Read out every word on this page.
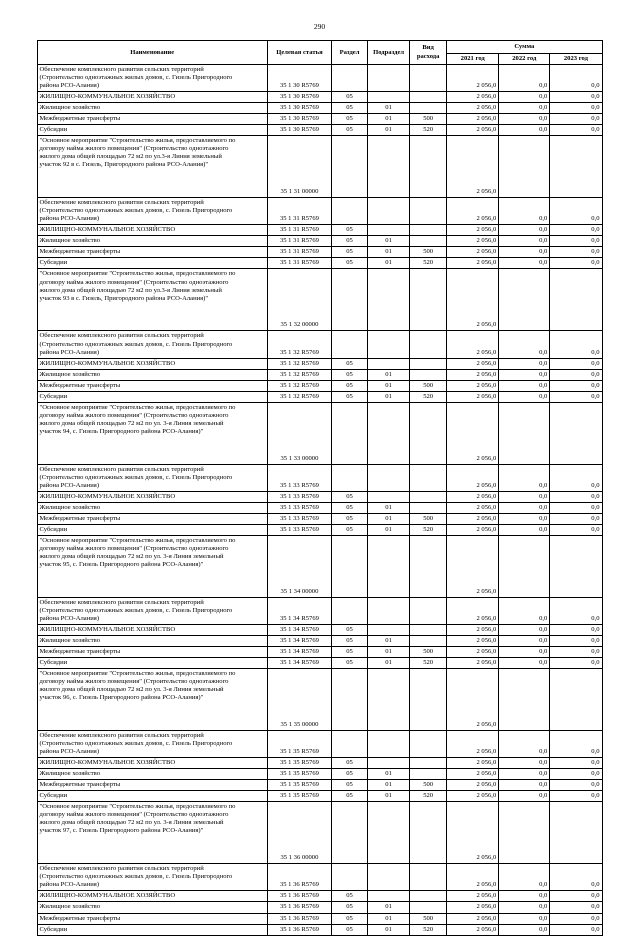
290
Наименование	Целевая статья	Раздел	Подраздел	Вид расхода	Сумма		
					2021 год	2022 год	2023 год
Обеспечение комплексного развития сельских территорий (Строительство одноэтажных жилых домов, с. Гизель Пригородного района РСО-Алания)	35 1 30 R5769				2 056,0	0,0	0,0
ЖИЛИЩНО-КОММУНАЛЬНОЕ ХОЗЯЙСТВО	35 1 30 R5769	05			2 056,0	0,0	0,0
Жилищное хозяйство	35 1 30 R5769	05	01		2 056,0	0,0	0,0
Межбюджетные трансферты	35 1 30 R5769	05	01	500	2 056,0	0,0	0,0
Субсидии	35 1 30 R5769	05	01	520	2 056,0	0,0	0,0
"Основное мероприятие "Строительство жилья, предоставляемого по договору найма жилого помещения" (Строительство одноэтажного жилого дома общей площадью 72 м2 по ул.3-я Линия земельный участок 92 в с. Гизель, Пригородного района РСО-Алания)"	35 1 31 00000				2 056,0		
Обеспечение комплексного развития сельских территорий (Строительство одноэтажных жилых домов, с. Гизель Пригородного района РСО-Алания)	35 1 31 R5769				2 056,0	0,0	0,0
ЖИЛИЩНО-КОММУНАЛЬНОЕ ХОЗЯЙСТВО	35 1 31 R5769	05			2 056,0	0,0	0,0
Жилищное хозяйство	35 1 31 R5769	05	01		2 056,0	0,0	0,0
Межбюджетные трансферты	35 1 31 R5769	05	01	500	2 056,0	0,0	0,0
Субсидии	35 1 31 R5769	05	01	520	2 056,0	0,0	0,0
"Основное мероприятие "Строительство жилья, предоставляемого по договору найма жилого помещения" (Строительство одноэтажного жилого дома общей площадью 72 м2 по ул.3-я Линия земельный участок 93 в с. Гизель, Пригородного района РСО-Алания)"	35 1 32 00000				2 056,0		
Обеспечение комплексного развития сельских территорий (Строительство одноэтажных жилых домов, с. Гизель Пригородного района РСО-Алания)	35 1 32 R5769				2 056,0	0,0	0,0
ЖИЛИЩНО-КОММУНАЛЬНОЕ ХОЗЯЙСТВО	35 1 32 R5769	05			2 056,0	0,0	0,0
Жилищное хозяйство	35 1 32 R5769	05	01		2 056,0	0,0	0,0
Межбюджетные трансферты	35 1 32 R5769	05	01	500	2 056,0	0,0	0,0
Субсидии	35 1 32 R5769	05	01	520	2 056,0	0,0	0,0
"Основное мероприятие "Строительство жилья, предоставляемого по договору найма жилого помещения" (Строительство одноэтажного жилого дома общей площадью 72 м2 по ул. 3-я Линия земельный участок 94, с. Гизель Пригородного района РСО-Алания)"	35 1 33 00000				2 056,0		
Обеспечение комплексного развития сельских территорий (Строительство одноэтажных жилых домов, с. Гизель Пригородного района РСО-Алания)	35 1 33 R5769				2 056,0	0,0	0,0
ЖИЛИЩНО-КОММУНАЛЬНОЕ ХОЗЯЙСТВО	35 1 33 R5769	05			2 056,0	0,0	0,0
Жилищное хозяйство	35 1 33 R5769	05	01		2 056,0	0,0	0,0
Межбюджетные трансферты	35 1 33 R5769	05	01	500	2 056,0	0,0	0,0
Субсидии	35 1 33 R5769	05	01	520	2 056,0	0,0	0,0
"Основное мероприятие "Строительство жилья, предоставляемого по договору найма жилого помещения" (Строительство одноэтажного жилого дома общей площадью 72 м2 по ул. 3-я Линия земельный участок 95, с. Гизель Пригородного района РСО-Алания)"	35 1 34 00000				2 056,0		
Обеспечение комплексного развития сельских территорий (Строительство одноэтажных жилых домов, с. Гизель Пригородного района РСО-Алания)	35 1 34 R5769				2 056,0	0,0	0,0
ЖИЛИЩНО-КОММУНАЛЬНОЕ ХОЗЯЙСТВО	35 1 34 R5769	05			2 056,0	0,0	0,0
Жилищное хозяйство	35 1 34 R5769	05	01		2 056,0	0,0	0,0
Межбюджетные трансферты	35 1 34 R5769	05	01	500	2 056,0	0,0	0,0
Субсидии	35 1 34 R5769	05	01	520	2 056,0	0,0	0,0
"Основное мероприятие "Строительство жилья, предоставляемого по договору найма жилого помещения" (Строительство одноэтажного жилого дома общей площадью 72 м2 по ул. 3-я Линия земельный участок 96, с. Гизель Пригородного района РСО-Алания)"	35 1 35 00000				2 056,0		
Обеспечение комплексного развития сельских территорий (Строительство одноэтажных жилых домов, с. Гизель Пригородного района РСО-Алания)	35 1 35 R5769				2 056,0	0,0	0,0
ЖИЛИЩНО-КОММУНАЛЬНОЕ ХОЗЯЙСТВО	35 1 35 R5769	05			2 056,0	0,0	0,0
Жилищное хозяйство	35 1 35 R5769	05	01		2 056,0	0,0	0,0
Межбюджетные трансферты	35 1 35 R5769	05	01	500	2 056,0	0,0	0,0
Субсидии	35 1 35 R5769	05	01	520	2 056,0	0,0	0,0
"Основное мероприятие "Строительство жилья, предоставляемого по договору найма жилого помещения" (Строительство одноэтажного жилого дома общей площадью 72 м2 по ул. 3-я Линия земельный участок 97, с. Гизель Пригородного района РСО-Алания)"	35 1 36 00000				2 056,0		
Обеспечение комплексного развития сельских территорий (Строительство одноэтажных жилых домов, с. Гизель Пригородного района РСО-Алания)	35 1 36 R5769				2 056,0	0,0	0,0
ЖИЛИЩНО-КОММУНАЛЬНОЕ ХОЗЯЙСТВО	35 1 36 R5769	05			2 056,0	0,0	0,0
Жилищное хозяйство	35 1 36 R5769	05	01		2 056,0	0,0	0,0
Межбюджетные трансферты	35 1 36 R5769	05	01	500	2 056,0	0,0	0,0
Субсидии	35 1 36 R5769	05	01	520	2 056,0	0,0	0,0
